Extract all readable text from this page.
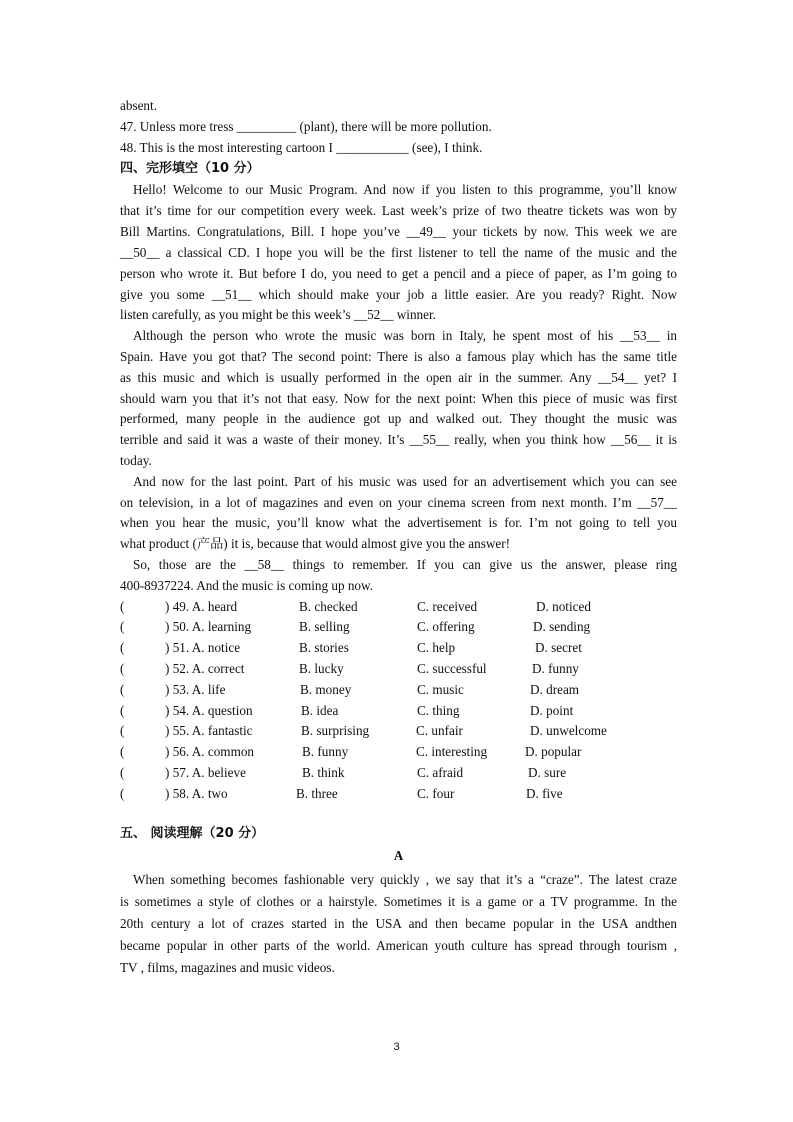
absent.
47. Unless more tress _________ (plant), there will be more pollution.
48. This is the most interesting cartoon I ___________ (see), I think.
四、完形填空（10 分）
Hello! Welcome to our Music Program. And now if you listen to this programme, you’ll know
that it’s time for our competition every week. Last week’s prize of two theatre tickets was won by
Bill Martins. Congratulations, Bill. I hope you’ve __49__ your tickets by now. This week we are
__50__ a classical CD. I hope you will be the first listener to tell the name of the music and the
person who wrote it. But before I do, you need to get a pencil and a piece of paper, as I’m going to
give you some __51__ which should make your job a little easier. Are you ready? Right. Now
listen carefully, as you might be this week’s __52__ winner.
Although the person who wrote the music was born in Italy, he spent most of his __53__ in
Spain. Have you got that? The second point: There is also a famous play which has the same title
as this music and which is usually performed in the open air in the summer. Any __54__ yet? I
should warn you that it’s not that easy. Now for the next point: When this piece of music was first
performed, many people in the audience got up and walked out. They thought the music was
terrible and said it was a waste of their money. It’s __55__ really, when you think how __56__ it is
today.
And now for the last point. Part of his music was used for an advertisement which you can see
on television, in a lot of magazines and even on your cinema screen from next month. I’m __57__
when you hear the music, you’ll know what the advertisement is for. I’m not going to tell you
what product (产品) it is, because that would almost give you the answer!
So, those are the __58__ things to remember. If you can give us the answer, please ring
400-8937224. And the music is coming up now.
(	) 49. A. heard	B. checked	C. received	D. noticed
(	) 50. A. learning	B. selling	C. offering	D. sending
(	) 51. A. notice	B. stories	C. help	D. secret
(	) 52. A. correct	B. lucky	C. successful	D. funny
(	) 53. A. life	B. money	C. music	D. dream
(	) 54. A. question	B. idea	C. thing	D. point
(	) 55. A. fantastic	B. surprising	C. unfair	D. unwelcome
(	) 56. A. common	B. funny	C. interesting	D. popular
(	) 57. A. believe	B. think	C. afraid	D. sure
(	) 58. A. two	B. three	C. four	D. five
五、 阅读理解（20 分）
A
When something becomes fashionable very quickly , we say that it’s a “craze”. The latest craze
is sometimes a style of clothes or a hairstyle. Sometimes it is a game or a TV programme. In the
20th century a lot of crazes started in the USA and then became popular in the USA andthen
became popular in other parts of the world. American youth culture has spread through tourism ,
TV , films, magazines and music videos.
3
